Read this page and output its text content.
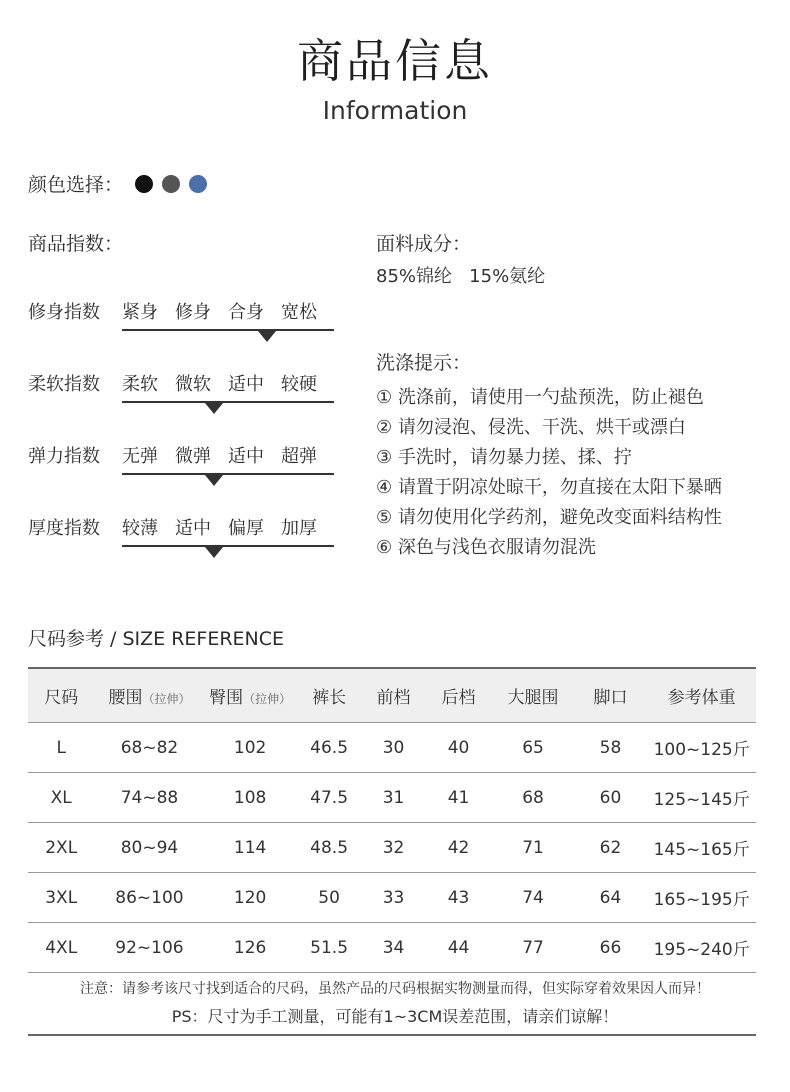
商品信息
Information
颜色选择：
商品指数：
修身指数	紧身 修身 合身 宽松
柔软指数	柔软 微软 适中 较硬
弹力指数	无弹 微弹 适中 超弹
厚度指数	较薄 适中 偏厚 加厚
面料成分：
85%锦纶   15%氨纶
洗涤提示：
① 洗涤前，请使用一勺盐预洗，防止褪色
② 请勿浸泡、侵洗、干洗、烘干或漂白
③ 手洗时，请勿暴力搓、揉、拧
④ 请置于阴凉处晾干，勿直接在太阳下暴晒
⑤ 请勿使用化学药剂，避免改变面料结构性
⑥ 深色与浅色衣服请勿混洗
尺码参考 / SIZE REFERENCE
尺码	腰围（拉伸）	臀围（拉伸）	裤长	前档	后档	大腿围	脚口	参考体重
L	68~82	102	46.5	30	40	65	58	100~125斤
XL	74~88	108	47.5	31	41	68	60	125~145斤
2XL	80~94	114	48.5	32	42	71	62	145~165斤
3XL	86~100	120	50	33	43	74	64	165~195斤
4XL	92~106	126	51.5	34	44	77	66	195~240斤
注意：请参考该尺寸找到适合的尺码，虽然产品的尺码根据实物测量而得，但实际穿着效果因人而异！
PS：尺寸为手工测量，可能有1~3CM误差范围，请亲们谅解！
